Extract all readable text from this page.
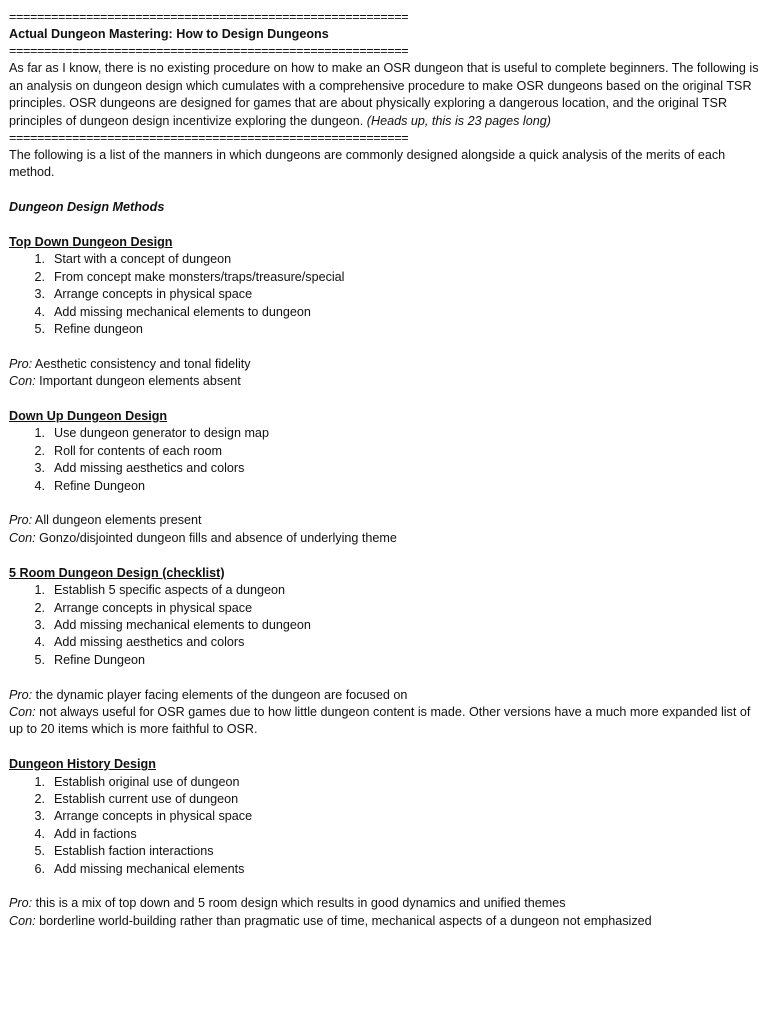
=========================================================
Actual Dungeon Mastering: How to Design Dungeons
=========================================================
As far as I know, there is no existing procedure on how to make an OSR dungeon that is useful to complete beginners. The following is an analysis on dungeon design which cumulates with a comprehensive procedure to make OSR dungeons based on the original TSR principles. OSR dungeons are designed for games that are about physically exploring a dangerous location, and the original TSR principles of dungeon design incentivize exploring the dungeon. (Heads up, this is 23 pages long)
=========================================================
The following is a list of the manners in which dungeons are commonly designed alongside a quick analysis of the merits of each method.
Dungeon Design Methods
Top Down Dungeon Design
1. Start with a concept of dungeon
2. From concept make monsters/traps/treasure/special
3. Arrange concepts in physical space
4. Add missing mechanical elements to dungeon
5. Refine dungeon
Pro: Aesthetic consistency and tonal fidelity
Con: Important dungeon elements absent
Down Up Dungeon Design
1. Use dungeon generator to design map
2. Roll for contents of each room
3. Add missing aesthetics and colors
4. Refine Dungeon
Pro: All dungeon elements present
Con: Gonzo/disjointed dungeon fills and absence of underlying theme
5 Room Dungeon Design (checklist)
1. Establish 5 specific aspects of a dungeon
2. Arrange concepts in physical space
3. Add missing mechanical elements to dungeon
4. Add missing aesthetics and colors
5. Refine Dungeon
Pro: the dynamic player facing elements of the dungeon are focused on
Con: not always useful for OSR games due to how little dungeon content is made. Other versions have a much more expanded list of up to 20 items which is more faithful to OSR.
Dungeon History Design
1. Establish original use of dungeon
2. Establish current use of dungeon
3. Arrange concepts in physical space
4. Add in factions
5. Establish faction interactions
6. Add missing mechanical elements
Pro: this is a mix of top down and 5 room design which results in good dynamics and unified themes
Con: borderline world-building rather than pragmatic use of time, mechanical aspects of a dungeon not emphasized
